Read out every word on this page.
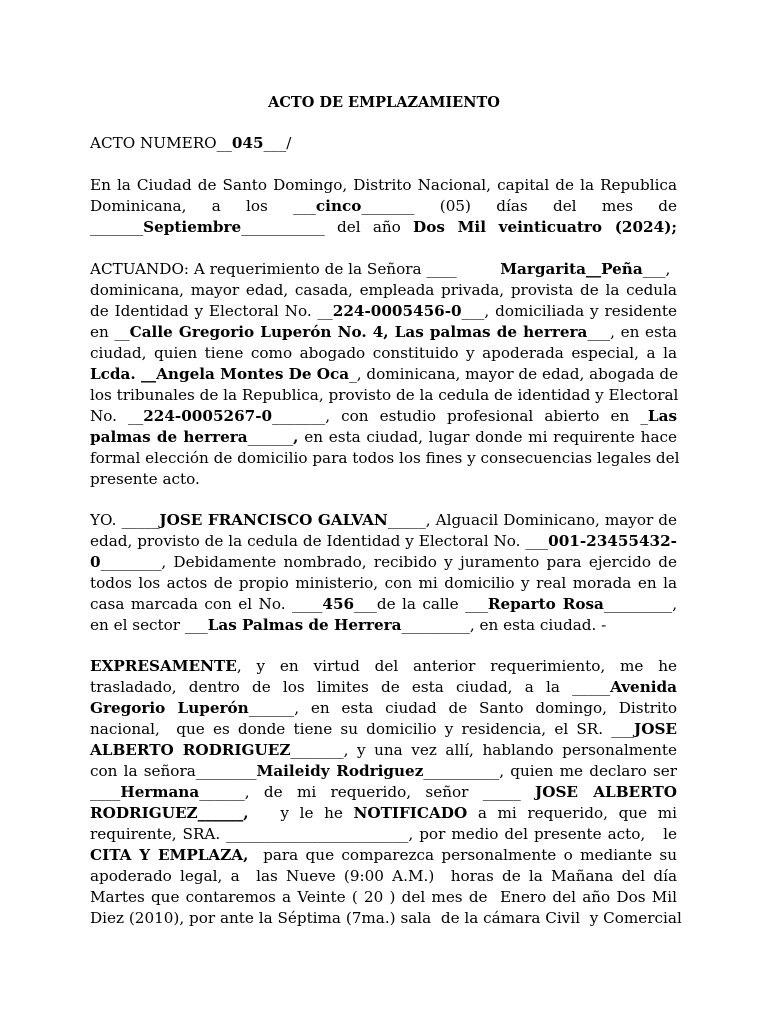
ACTO DE EMPLAZAMIENTO
ACTO NUMERO__045___/
En la Ciudad de Santo Domingo, Distrito Nacional, capital de la Republica
Dominicana,  a  los  ___cinco_______  (05)  días  del  mes  de
_______Septiembre___________ del año Dos Mil veinticuatro (2024);
ACTUANDO: A requerimiento de la Señora ____         Margarita__Peña___,
dominicana, mayor edad, casada, empleada privada, provista de la cedula
de Identidad y Electoral No. __224-0005456-0___, domiciliada y residente
en __Calle Gregorio Luperón No. 4, Las palmas de herrera___, en esta
ciudad, quien tiene como abogado constituido y apoderada especial, a la
Lcda. __Angela Montes De Oca_, dominicana, mayor de edad, abogada de
los tribunales de la Republica, provisto de la cedula de identidad y Electoral
No.  __224-0005267-0_______,  con  estudio  profesional  abierto  en  _Las
palmas de herrera______, en esta ciudad, lugar donde mi requirente hace
formal elección de domicilio para todos los fines y consecuencias legales del
presente acto.
YO. _____JOSE FRANCISCO GALVAN_____, Alguacil Dominicano, mayor de
edad, provisto de la cedula de Identidad y Electoral No. ___001-23455432-
0________, Debidamente nombrado, recibido y juramento para ejercido de
todos los actos de propio ministerio, con mi domicilio y real morada en la
casa marcada con el No. ____456___de la calle ___Reparto Rosa_________,
en el sector ___Las Palmas de Herrera_________, en esta ciudad. -
EXPRESAMENTE,  y  en  virtud  del  anterior  requerimiento,  me  he
trasladado, dentro de los limites de esta ciudad, a la _____Avenida
Gregorio Luperón______, en esta ciudad de Santo domingo, Distrito
nacional,  que es donde tiene su domicilio y residencia, el SR. ___JOSE
ALBERTO RODRIGUEZ_______, y una vez allí, hablando personalmente
con la señora________Maileidy Rodriguez__________, quien me declaro ser
____Hermana______,  de  mi  requerido,  señor  _____  JOSE  ALBERTO
RODRIGUEZ______,   y le he NOTIFICADO a mi requerido, que mi
requirente, SRA. ________________________, por medio del presente acto,   le
CITA Y EMPLAZA,  para que comparezca personalmente o mediante su
apoderado legal, a  las Nueve (9:00 A.M.)  horas de la Mañana del día
Martes que contaremos a Veinte ( 20 ) del mes de  Enero del año Dos Mil
Diez (2010), por ante la Séptima (7ma.) sala  de la cámara Civil  y Comercial
